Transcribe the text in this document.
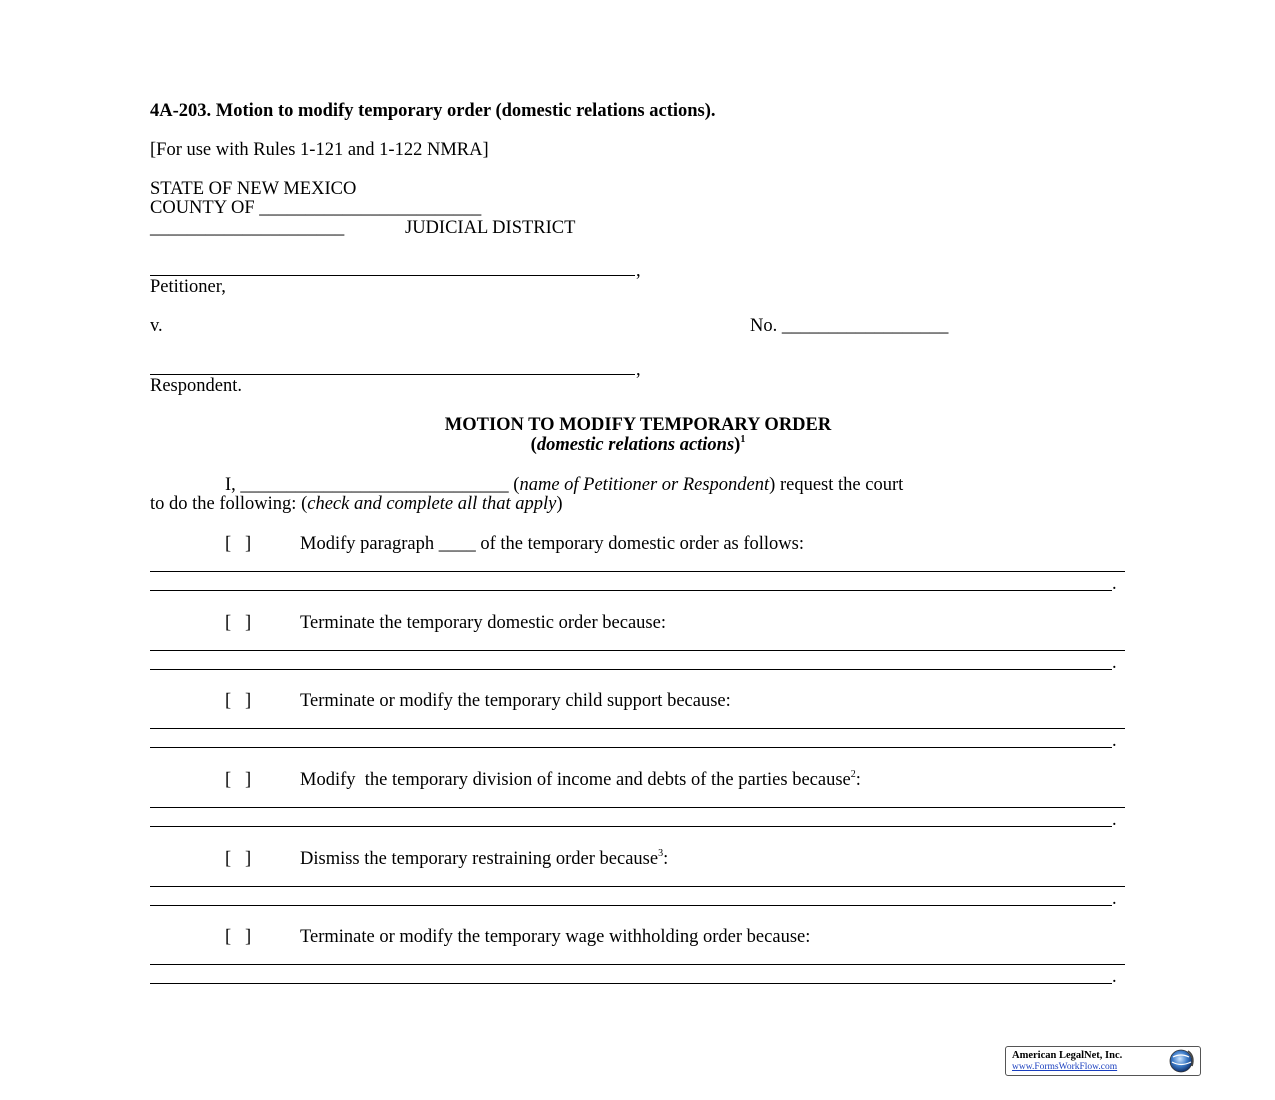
4A-203. Motion to modify temporary order (domestic relations actions).
[For use with Rules 1-121 and 1-122 NMRA]
STATE OF NEW MEXICO
COUNTY OF ________________________
_____________________	JUDICIAL DISTRICT
,
Petitioner,
v.	No. __________________
,
Respondent.
MOTION TO MODIFY TEMPORARY ORDER
(domestic relations actions)$^1$
I, _____________________________ (name of Petitioner or Respondent) request the court
to do the following: (check and complete all that apply)
[   ]	Modify paragraph ____ of the temporary domestic order as follows:
.
[   ]	Terminate the temporary domestic order because:
.
[   ]	Terminate or modify the temporary child support because:
.
[   ]	Modify  the temporary division of income and debts of the parties because$^2$:
.
[   ]	Dismiss the temporary restraining order because$^3$:
.
[   ]	Terminate or modify the temporary wage withholding order because:
.
American LegalNet, Inc.
www.FormsWorkFlow.com
